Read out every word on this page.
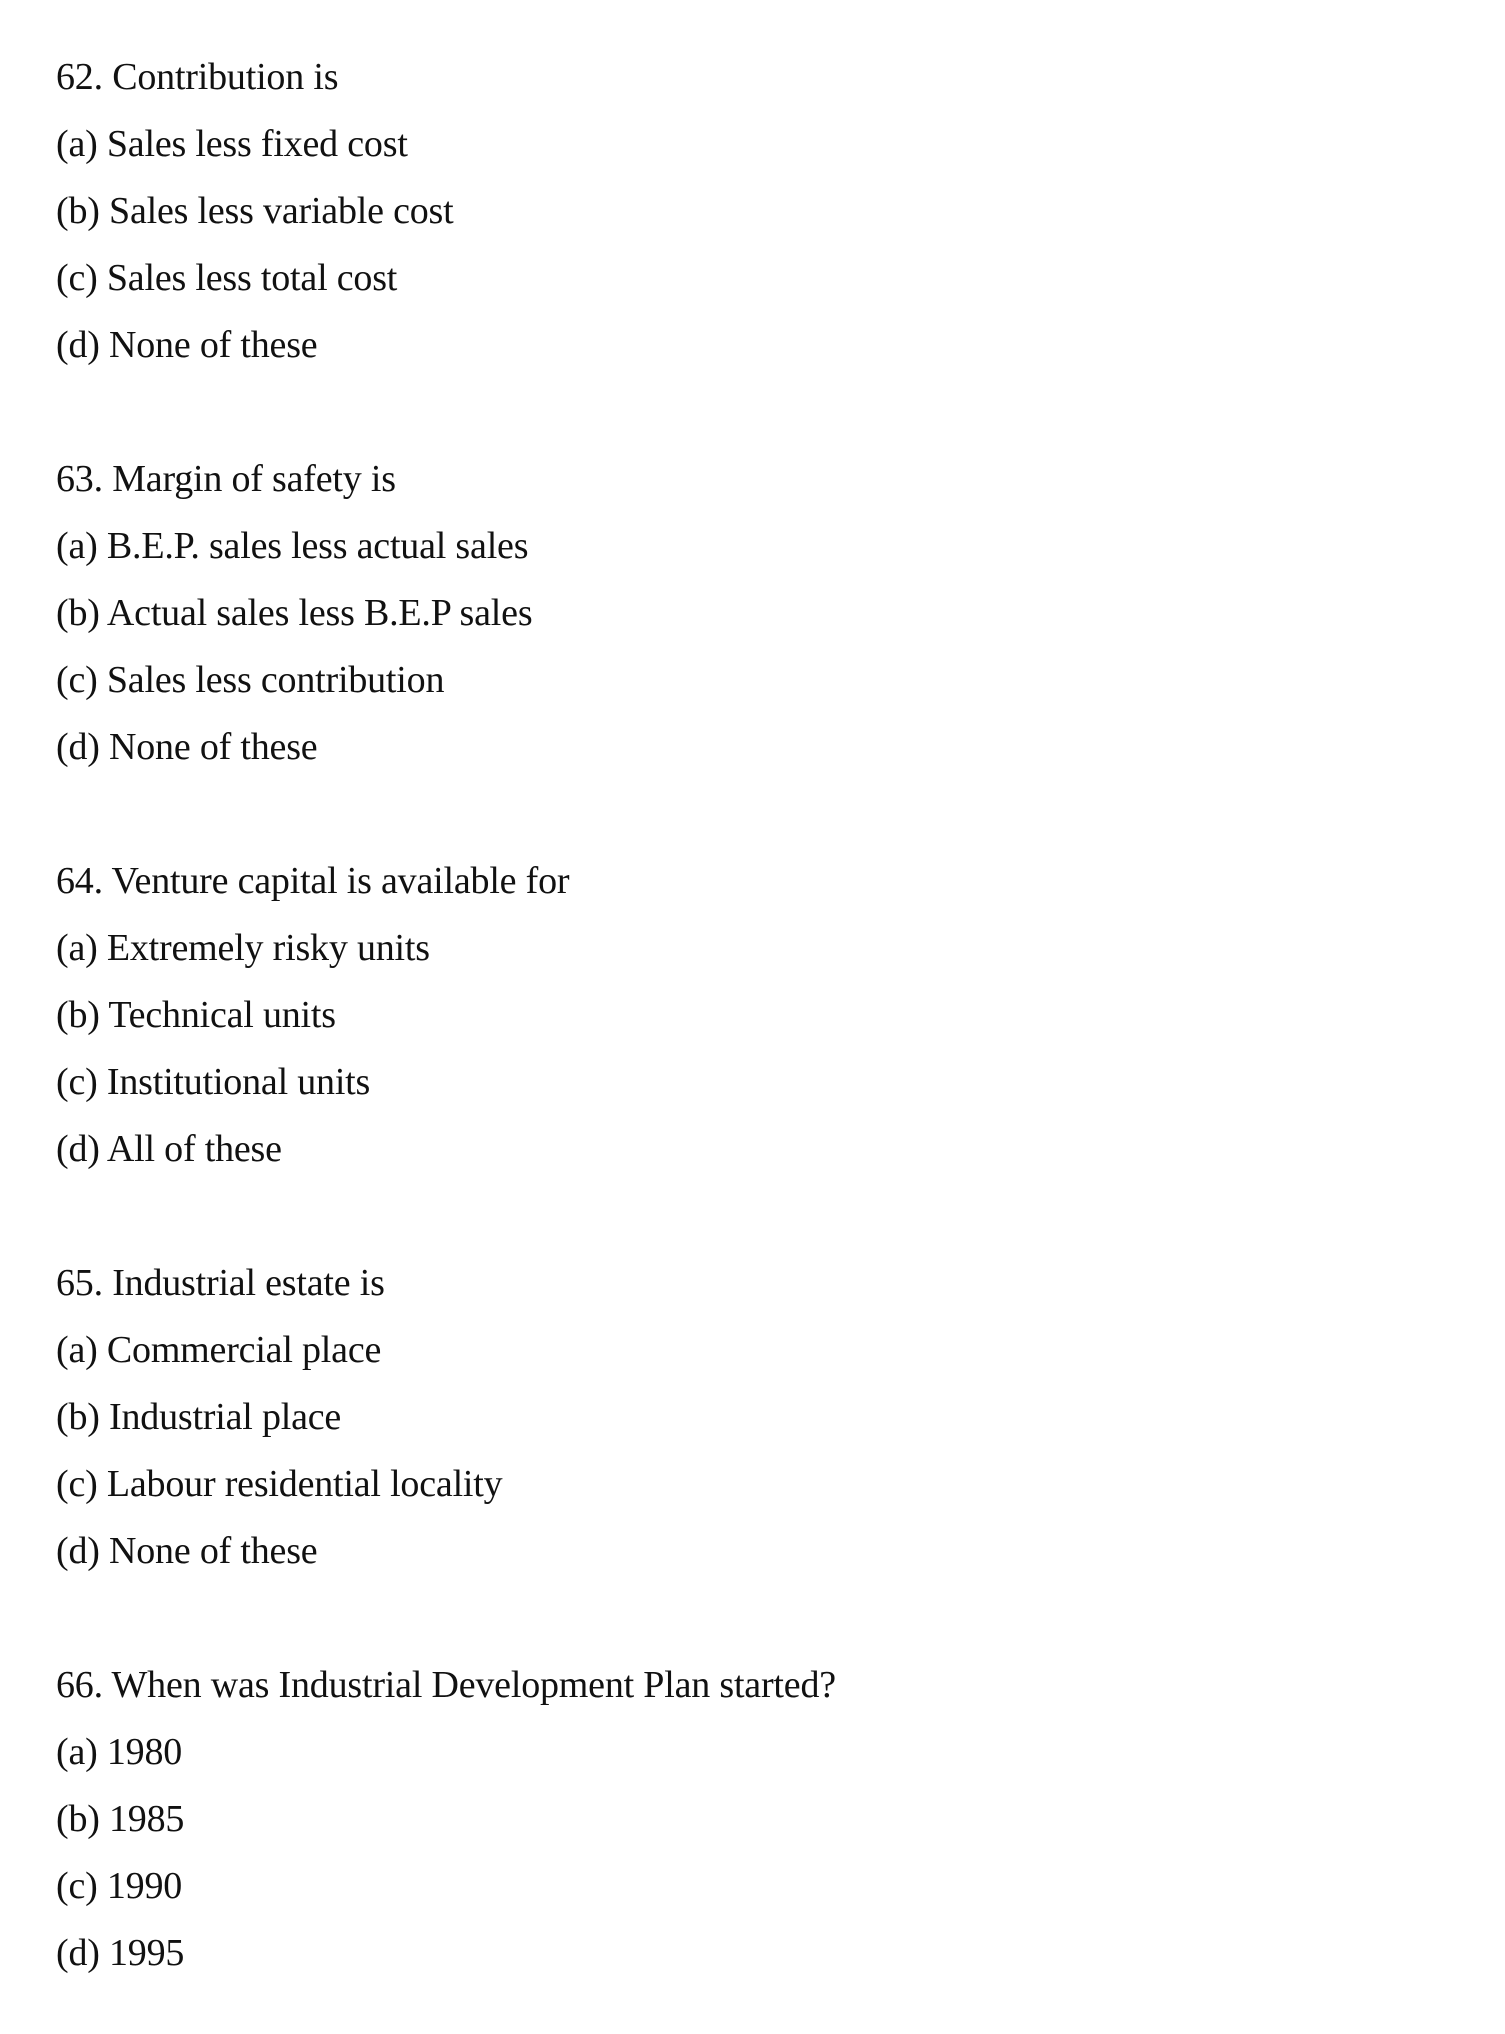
62. Contribution is
(a) Sales less fixed cost
(b) Sales less variable cost
(c) Sales less total cost
(d) None of these
63. Margin of safety is
(a) B.E.P. sales less actual sales
(b) Actual sales less B.E.P sales
(c) Sales less contribution
(d) None of these
64. Venture capital is available for
(a) Extremely risky units
(b) Technical units
(c) Institutional units
(d) All of these
65. Industrial estate is
(a) Commercial place
(b) Industrial place
(c) Labour residential locality
(d) None of these
66. When was Industrial Development Plan started?
(a) 1980
(b) 1985
(c) 1990
(d) 1995
